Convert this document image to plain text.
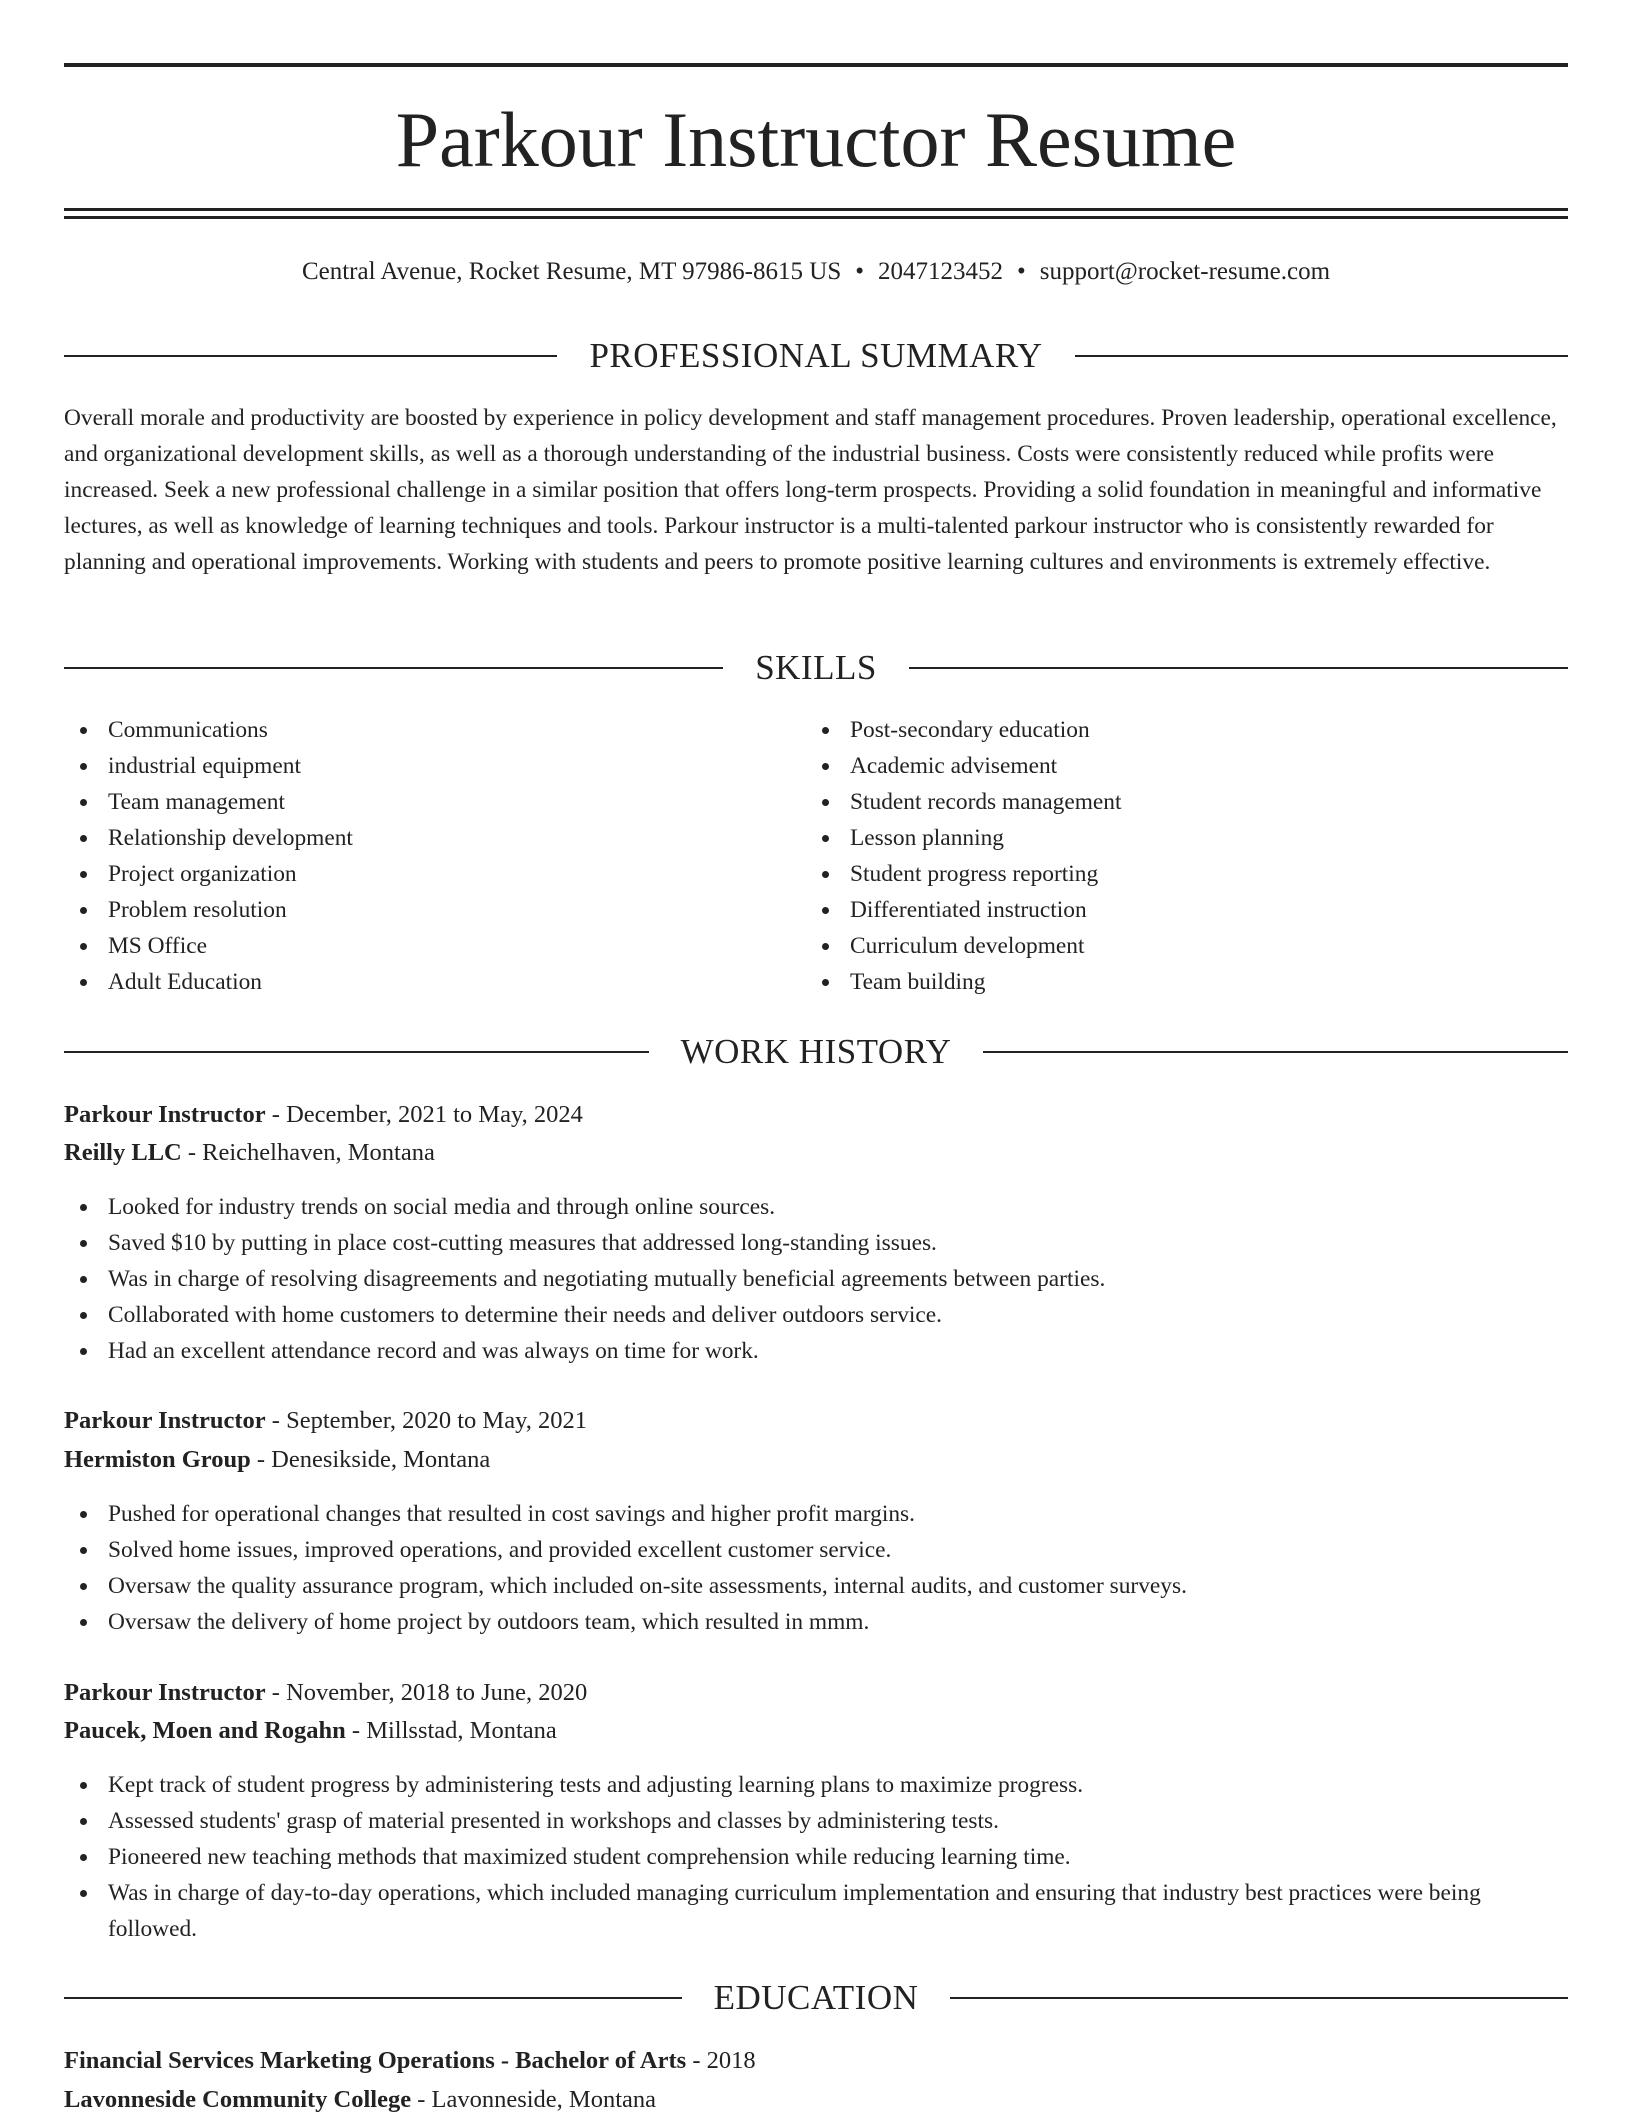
Parkour Instructor Resume
Central Avenue, Rocket Resume, MT 97986-8615 US • 2047123452 • support@rocket-resume.com
PROFESSIONAL SUMMARY

Overall morale and productivity are boosted by experience in policy development and staff management procedures. Proven leadership, operational excellence, and organizational development skills, as well as a thorough understanding of the industrial business. Costs were consistently reduced while profits were increased. Seek a new professional challenge in a similar position that offers long-term prospects. Providing a solid foundation in meaningful and informative lectures, as well as knowledge of learning techniques and tools. Parkour instructor is a multi-talented parkour instructor who is consistently rewarded for planning and operational improvements. Working with students and peers to promote positive learning cultures and environments is extremely effective.

SKILLS
Communications
industrial equipment
Team management
Relationship development
Project organization
Problem resolution
MS Office
Adult Education
Post-secondary education
Academic advisement
Student records management
Lesson planning
Student progress reporting
Differentiated instruction
Curriculum development
Team building
WORK HISTORY
Parkour Instructor - December, 2021 to May, 2024
Reilly LLC - Reichelhaven, Montana
Looked for industry trends on social media and through online sources.
Saved $10 by putting in place cost-cutting measures that addressed long-standing issues.
Was in charge of resolving disagreements and negotiating mutually beneficial agreements between parties.
Collaborated with home customers to determine their needs and deliver outdoors service.
Had an excellent attendance record and was always on time for work.
Parkour Instructor - September, 2020 to May, 2021
Hermiston Group - Denesikside, Montana
Pushed for operational changes that resulted in cost savings and higher profit margins.
Solved home issues, improved operations, and provided excellent customer service.
Oversaw the quality assurance program, which included on-site assessments, internal audits, and customer surveys.
Oversaw the delivery of home project by outdoors team, which resulted in mmm.
Parkour Instructor - November, 2018 to June, 2020
Paucek, Moen and Rogahn - Millsstad, Montana
Kept track of student progress by administering tests and adjusting learning plans to maximize progress.
Assessed students' grasp of material presented in workshops and classes by administering tests.
Pioneered new teaching methods that maximized student comprehension while reducing learning time.
Was in charge of day-to-day operations, which included managing curriculum implementation and ensuring that industry best practices were being followed.
EDUCATION
Financial Services Marketing Operations - Bachelor of Arts - 2018
Lavonneside Community College - Lavonneside, Montana
